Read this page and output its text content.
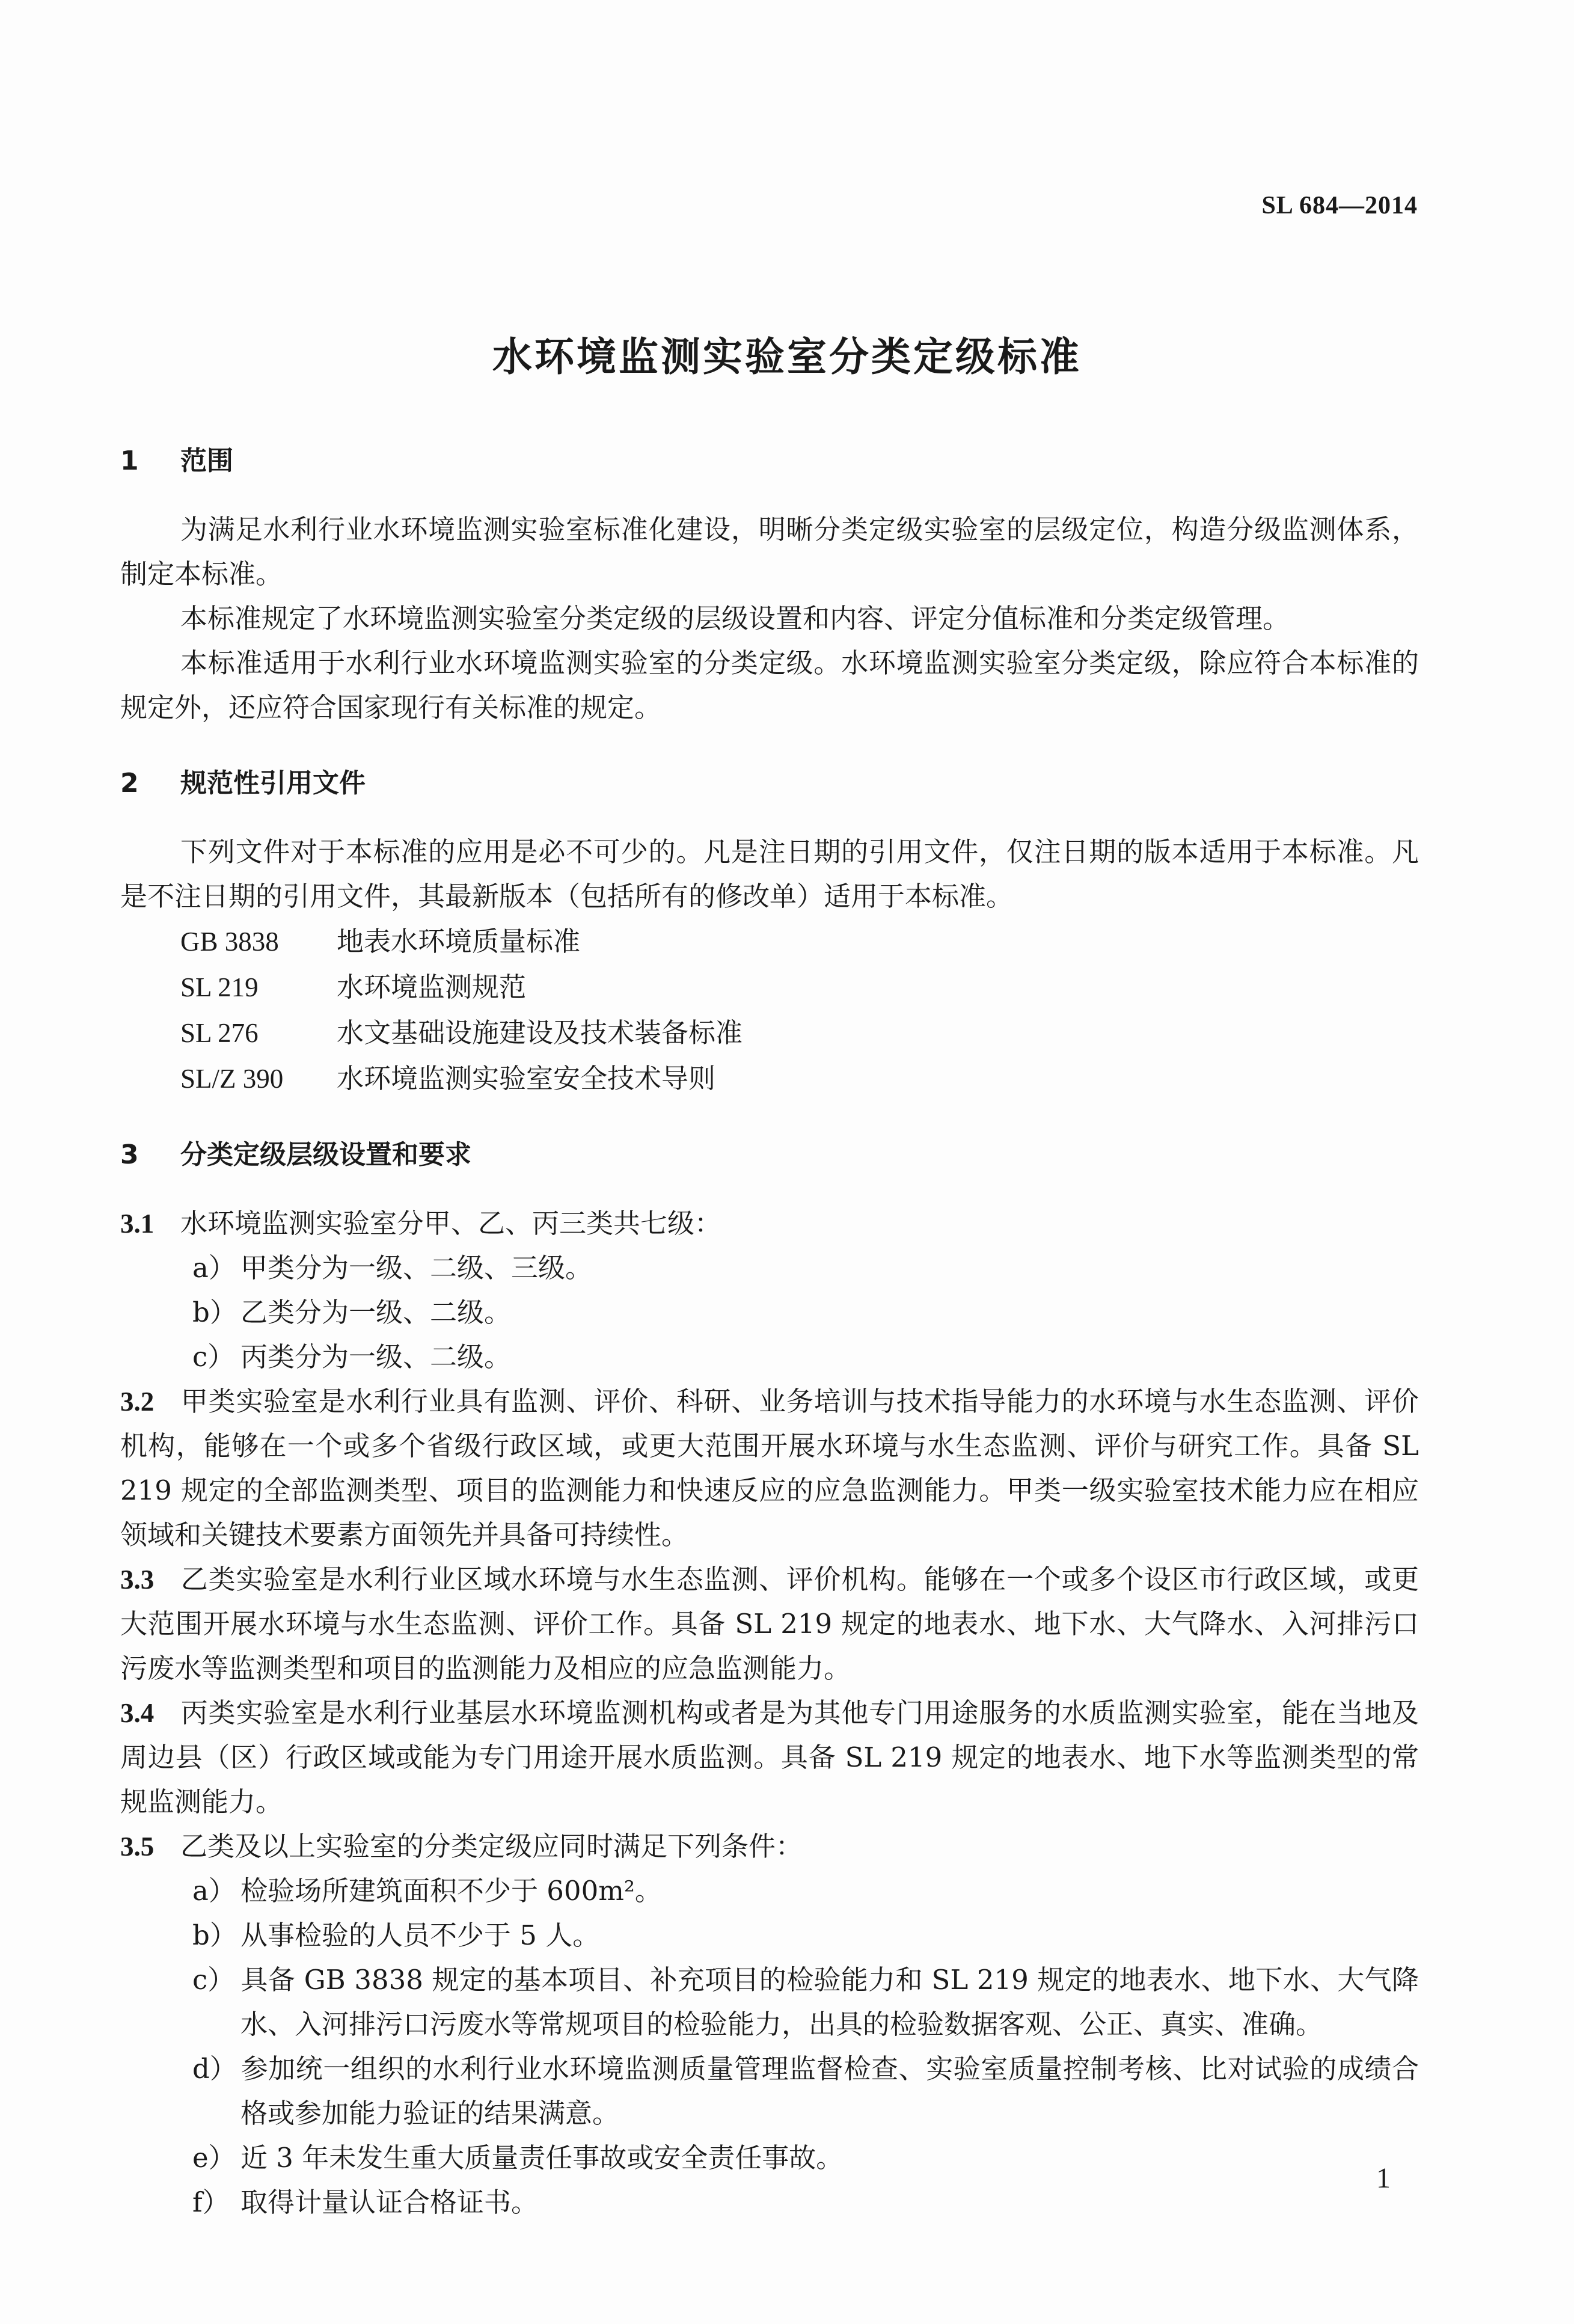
SL 684—2014
水环境监测实验室分类定级标准
1 范围

为满足水利行业水环境监测实验室标准化建设，明晰分类定级实验室的层级定位，构造分级监测体系，制定本标准。

本标准规定了水环境监测实验室分类定级的层级设置和内容、评定分值标准和分类定级管理。

本标准适用于水利行业水环境监测实验室的分类定级。水环境监测实验室分类定级，除应符合本标准的规定外，还应符合国家现行有关标准的规定。

2 规范性引用文件

下列文件对于本标准的应用是必不可少的。凡是注日期的引用文件，仅注日期的版本适用于本标准。凡是不注日期的引用文件，其最新版本（包括所有的修改单）适用于本标准。

GB 3838 地表水环境质量标准

SL 219	水环境监测规范

SL 276	水文基础设施建设及技术装备标准

SL/Z 390 水环境监测实验室安全技术导则

3 分类定级层级设置和要求

3.1 水环境监测实验室分甲、乙、丙三类共七级：

a） 甲类分为一级、二级、三级。

b） 乙类分为一级、二级。

c） 丙类分为一级、二级。

3.2 甲类实验室是水利行业具有监测、评价、科研、业务培训与技术指导能力的水环境与水生态监测、评价机构，能够在一个或多个省级行政区域，或更大范围开展水环境与水生态监测、评价与研究工作。具备 SL 219 规定的全部监测类型、项目的监测能力和快速反应的应急监测能力。甲类一级实验室技术能力应在相应领域和关键技术要素方面领先并具备可持续性。

3.3 乙类实验室是水利行业区域水环境与水生态监测、评价机构。能够在一个或多个设区市行政区域，或更大范围开展水环境与水生态监测、评价工作。具备 SL 219 规定的地表水、地下水、大气降水、入河排污口污废水等监测类型和项目的监测能力及相应的应急监测能力。

3.4 丙类实验室是水利行业基层水环境监测机构或者是为其他专门用途服务的水质监测实验室，能在当地及周边县（区）行政区域或能为专门用途开展水质监测。具备 SL 219 规定的地表水、地下水等监测类型的常规监测能力。

3.5 乙类及以上实验室的分类定级应同时满足下列条件：

a） 检验场所建筑面积不少于 600m²。

b） 从事检验的人员不少于 5 人。

c） 具备 GB 3838 规定的基本项目、补充项目的检验能力和 SL 219 规定的地表水、地下水、大气降水、入河排污口污废水等常规项目的检验能力，出具的检验数据客观、公正、真实、准确。

d） 参加统一组织的水利行业水环境监测质量管理监督检查、实验室质量控制考核、比对试验的成绩合格或参加能力验证的结果满意。

e） 近 3 年未发生重大质量责任事故或安全责任事故。

f） 取得计量认证合格证书。

1
